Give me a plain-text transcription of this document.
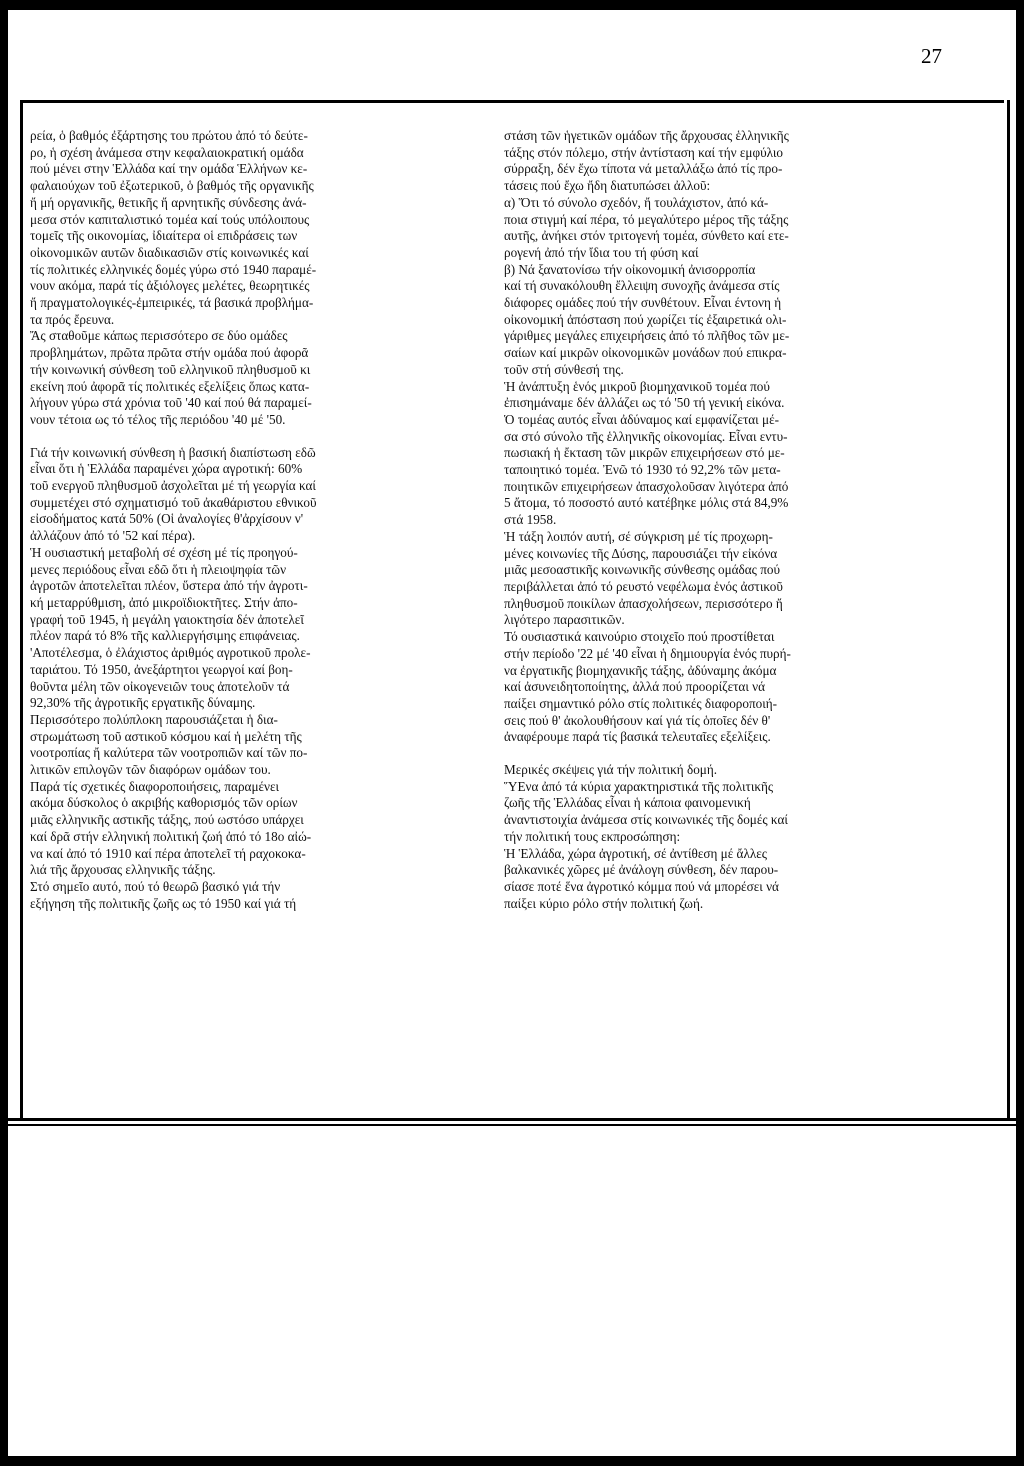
27

ρεία, ὁ βαθμός ἐξάρτησης του πρώτου ἀπό τό δεύτε-
ρο, ἡ σχέση ἀνάμεσα στην κεφαλαιοκρατική ομάδα
πού μένει στην Ἑλλάδα καί την ομάδα Ἑλλήνων κε-
φαλαιούχων τοῦ ἐξωτερικοῦ, ὁ βαθμός τῆς οργανικῆς
ἤ μή οργανικῆς, θετικῆς ἤ αρνητικῆς σύνδεσης ἀνά-
μεσα στόν καπιταλιστικό τομέα καί τούς υπόλοιπους
τομεῖς τῆς οικονομίας, ἰδιαίτερα οἱ επιδράσεις των
οἰκονομικῶν αυτῶν διαδικασιῶν στίς κοινωνικές καί
τίς πολιτικές ελληνικές δομές γύρω στό 1940 παραμέ-
νουν ακόμα, παρά τίς ἀξιόλογες μελέτες, θεωρητικές
ἤ πραγματολογικές-ἐμπειρικές, τά βασικά προβλήμα-
τα πρός ἔρευνα.

Ἄς σταθοῦμε κάπως περισσότερο σε δύο ομάδες
προβλημάτων, πρῶτα πρῶτα στήν ομάδα πού ἀφορᾶ
τήν κοινωνική σύνθεση τοῦ ελληνικοῦ πληθυσμοῦ κι
εκείνη πού ἀφορᾶ τίς πολιτικές εξελίξεις ὅπως κατα-
λήγουν γύρω στά χρόνια τοῦ '40 καί πού θά παραμεί-
νουν τέτοια ως τό τέλος τῆς περιόδου '40 μέ '50.

Γιά τήν κοινωνική σύνθεση ἡ βασική διαπίστωση εδῶ
εἶναι ὅτι ἡ Ἑλλάδα παραμένει χώρα αγροτική: 60%
τοῦ ενεργοῦ πληθυσμοῦ ἀσχολεῖται μέ τή γεωργία καί
συμμετέχει στό σχηματισμό τοῦ ἀκαθάριστου εθνικοῦ
εἰσοδήματος κατά 50% (Οἱ ἀναλογίες θ'ἀρχίσουν ν'
ἀλλάζουν ἀπό τό '52 καί πέρα).

Ἡ ουσιαστική μεταβολή σέ σχέση μέ τίς προηγού-
μενες περιόδους εἶναι εδῶ ὅτι ἡ πλειοψηφία τῶν
ἀγροτῶν ἀποτελεῖται πλέον, ὕστερα ἀπό τήν ἀγροτι-
κή μεταρρύθμιση, ἀπό μικροϊδιοκτῆτες. Στήν ἀπο-
γραφή τοῦ 1945, ἡ μεγάλη γαιοκτησία δέν ἀποτελεῖ
πλέον παρά τό 8% τῆς καλλιεργήσιμης επιφάνειας.
'Αποτέλεσμα, ὁ ἐλάχιστος ἀριθμός αγροτικοῦ προλε-
ταριάτου. Τό 1950, ἀνεξάρτητοι γεωργοί καί βοη-
θοῦντα μέλη τῶν οἰκογενειῶν τους ἀποτελοῦν τά
92,30% τῆς ἀγροτικῆς εργατικῆς δύναμης.

Περισσότερο πολύπλοκη παρουσιάζεται ἡ δια-
στρωμάτωση τοῦ αστικοῦ κόσμου καί ἡ μελέτη τῆς
νοοτροπίας ἤ καλύτερα τῶν νοοτροπιῶν καί τῶν πο-
λιτικῶν επιλογῶν τῶν διαφόρων ομάδων του.

Παρά τίς σχετικές διαφοροποιήσεις, παραμένει
ακόμα δύσκολος ὁ ακριβής καθορισμός τῶν ορίων
μιᾶς ελληνικῆς αστικῆς τάξης, πού ωστόσο υπάρχει
καί δρᾶ στήν ελληνική πολιτική ζωή ἀπό τό 18ο αἰώ-
να καί ἀπό τό 1910 καί πέρα ἀποτελεῖ τή ραχοκοκα-
λιά τῆς ἄρχουσας ελληνικῆς τάξης.

Στό σημεῖο αυτό, πού τό θεωρῶ βασικό γιά τήν
εξήγηση τῆς πολιτικῆς ζωῆς ως τό 1950 καί γιά τή

στάση τῶν ἡγετικῶν ομάδων τῆς ἄρχουσας ἑλληνικῆς
τάξης στόν πόλεμο, στήν ἀντίσταση καί τήν εμφύλιο
σύρραξη, δέν ἔχω τίποτα νά μεταλλάξω ἀπό τίς προ-
τάσεις πού ἔχω ἤδη διατυπώσει ἀλλοῦ:

α) Ὅτι τό σύνολο σχεδόν, ἤ τουλάχιστον, ἀπό κά-
ποια στιγμή καί πέρα, τό μεγαλύτερο μέρος τῆς τάξης
αυτῆς, ἀνήκει στόν τριτογενή τομέα, σύνθετο καί ετε-
ρογενή ἀπό τήν ἴδια του τή φύση καί

β) Νά ξανατονίσω τήν οἰκονομική ἀνισορροπία
καί τή συνακόλουθη ἔλλειψη συνοχῆς ἀνάμεσα στίς
διάφορες ομάδες πού τήν συνθέτουν. Εἶναι έντονη ἡ
οἰκονομική ἀπόσταση πού χωρίζει τίς ἐξαιρετικά ολι-
γάριθμες μεγάλες επιχειρήσεις ἀπό τό πλῆθος τῶν με-
σαίων καί μικρῶν οἰκονομικῶν μονάδων πού επικρα-
τοῦν στή σύνθεσή της.

Ἡ ἀνάπτυξη ἑνός μικροῦ βιομηχανικοῦ τομέα πού
ἐπισημάναμε δέν ἀλλάζει ως τό '50 τή γενική εἰκόνα.
Ὁ τομέας αυτός εἶναι ἀδύναμος καί εμφανίζεται μέ-
σα στό σύνολο τῆς ἑλληνικῆς οἰκονομίας. Εἶναι εντυ-
πωσιακή ἡ ἔκταση τῶν μικρῶν επιχειρήσεων στό με-
ταποιητικό τομέα. Ἐνῶ τό 1930 τό 92,2% τῶν μετα-
ποιητικῶν επιχειρήσεων ἀπασχολοῦσαν λιγότερα ἀπό
5 ἄτομα, τό ποσοστό αυτό κατέβηκε μόλις στά 84,9%
στά 1958.

Ἡ τάξη λοιπόν αυτή, σέ σύγκριση μέ τίς προχωρη-
μένες κοινωνίες τῆς Δύσης, παρουσιάζει τήν εἰκόνα
μιᾶς μεσοαστικῆς κοινωνικῆς σύνθεσης ομάδας πού
περιβάλλεται ἀπό τό ρευστό νεφέλωμα ἑνός ἀστικοῦ
πληθυσμοῦ ποικίλων ἀπασχολήσεων, περισσότερο ἤ
λιγότερο παρασιτικῶν.

Τό ουσιαστικά καινούριο στοιχεῖο πού προστίθεται
στήν περίοδο '22 μέ '40 εἶναι ἡ δημιουργία ἑνός πυρή-
να ἐργατικῆς βιομηχανικῆς τάξης, ἀδύναμης ἀκόμα
καί ἀσυνειδητοποίητης, ἀλλά πού προορίζεται νά
παίξει σημαντικό ρόλο στίς πολιτικές διαφοροποιή-
σεις πού θ' ἀκολουθήσουν καί γιά τίς ὁποῖες δέν θ'
ἀναφέρουμε παρά τίς βασικά τελευταῖες εξελίξεις.

Μερικές σκέψεις γιά τήν πολιτική δομή.
ὝΕνα ἀπό τά κύρια χαρακτηριστικά τῆς πολιτικῆς
ζωῆς τῆς Ἑλλάδας εἶναι ἡ κάποια φαινομενική
ἀναντιστοιχία ἀνάμεσα στίς κοινωνικές τῆς δομές καί
τήν πολιτική τους εκπροσώπηση:

Ἡ Ἑλλάδα, χώρα ἀγροτική, σέ ἀντίθεση μέ ἄλλες
βαλκανικές χῶρες μέ ἀνάλογη σύνθεση, δέν παρου-
σίασε ποτέ ἕνα ἀγροτικό κόμμα πού νά μπορέσει νά
παίξει κύριο ρόλο στήν πολιτική ζωή.
